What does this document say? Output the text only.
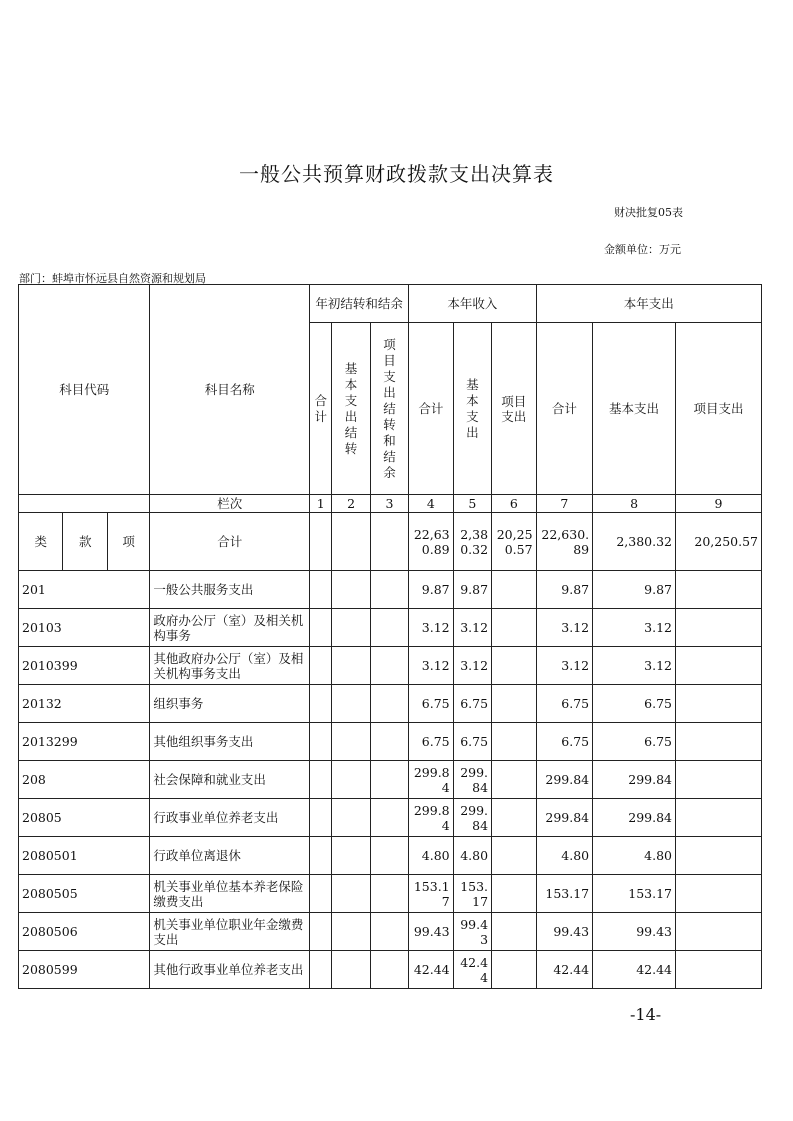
一般公共预算财政拨款支出决算表
财决批复05表
金额单位：万元
部门：蚌埠市怀远县自然资源和规划局
科目代码			科目名称	年初结转和结余			本年收入			本年支出		
				合计	基本支出结转	项目支出结转和结余	合计	基本支出	项目支出	合计	基本支出	项目支出
			栏次	1	2	3	4	5	6	7	8	9
类	款	项	合计				22,630.89	2,380.32	20,250.57	22,630.89	2,380.32	20,250.57
201			一般公共服务支出				9.87	9.87		9.87	9.87	
20103			政府办公厅（室）及相关机构事务				3.12	3.12		3.12	3.12	
2010399			其他政府办公厅（室）及相关机构事务支出				3.12	3.12		3.12	3.12	
20132			组织事务				6.75	6.75		6.75	6.75	
2013299			其他组织事务支出				6.75	6.75		6.75	6.75	
208			社会保障和就业支出				299.84	299.84		299.84	299.84	
20805			行政事业单位养老支出				299.84	299.84		299.84	299.84	
2080501			行政单位离退休				4.80	4.80		4.80	4.80	
2080505			机关事业单位基本养老保险缴费支出				153.17	153.17		153.17	153.17	
2080506			机关事业单位职业年金缴费支出				99.43	99.43		99.43	99.43	
2080599			其他行政事业单位养老支出				42.44	42.44		42.44	42.44	
-14-
